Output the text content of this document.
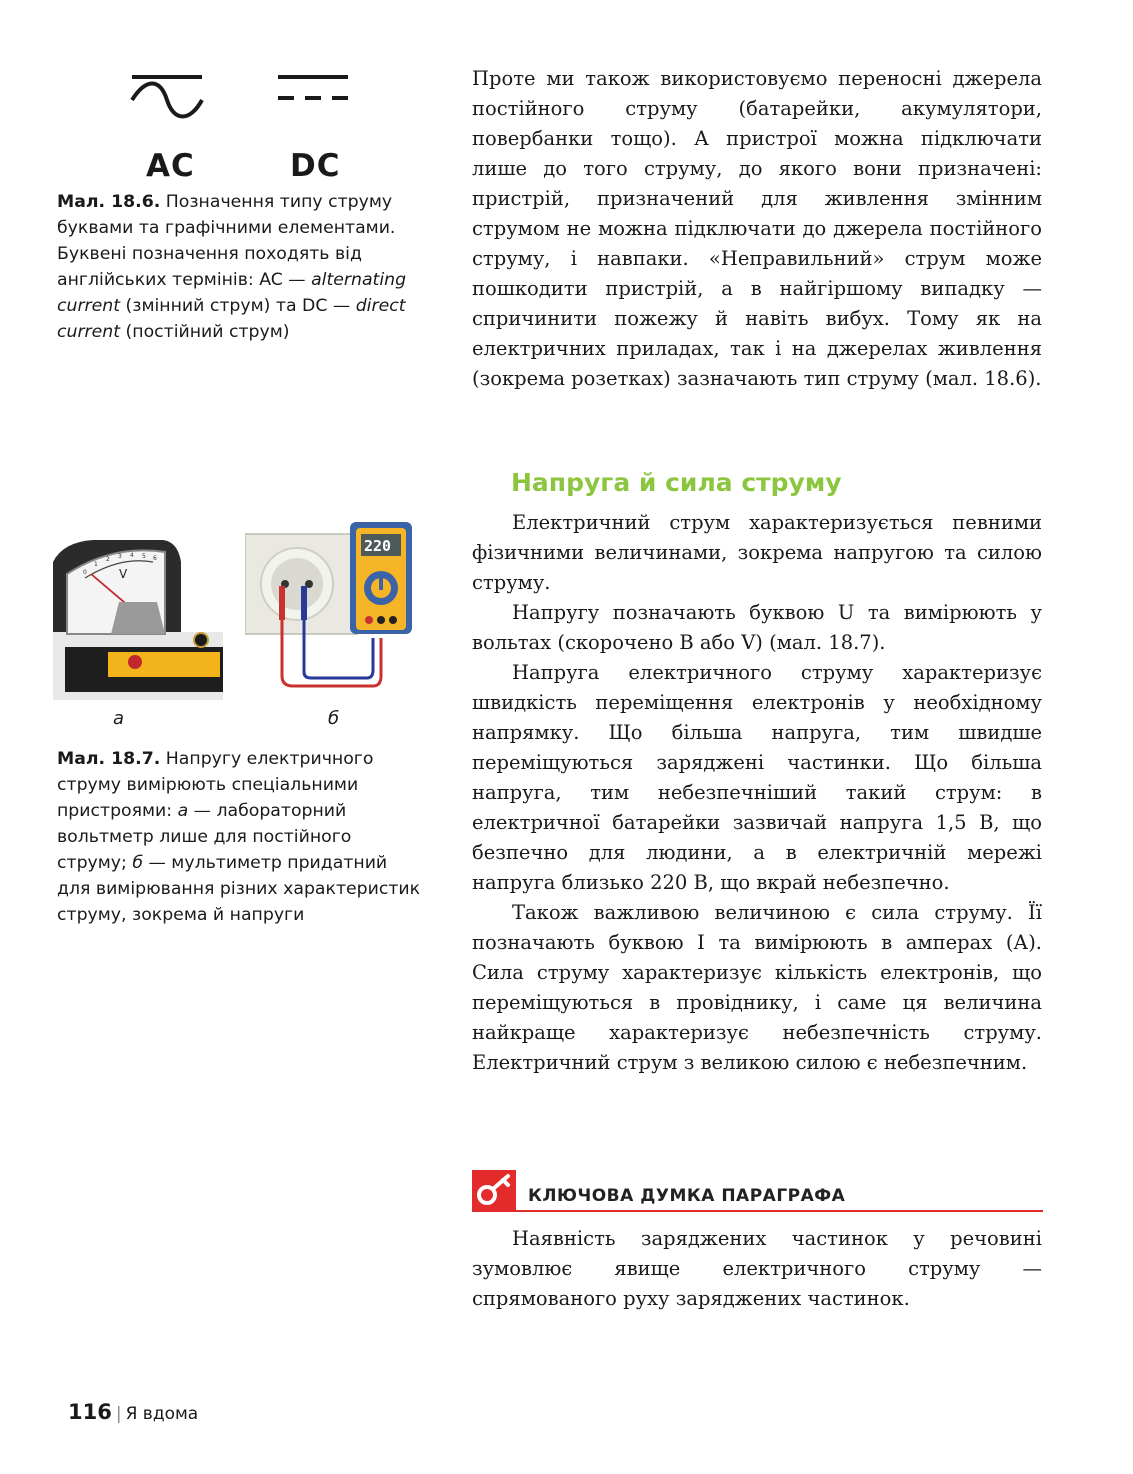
AC	DC
Мал. 18.6. Позначення типу струму буквами та графічними елементами. Буквені позначення походять від англійських термінів: AC — alternating current (змінний струм) та DC — direct current (постійний струм)
0
1
2 3 4 5 6
V
220
а	б
Мал. 18.7. Напругу електричного струму вимірюють спеціальними пристроями: а — лабораторний вольтметр лише для постійного струму; б — мультиметр придатний для вимірювання різних характеристик струму, зокрема й напруги

Проте ми також використовуємо переносні джерела постійного струму (батарейки, акумулятори, повербанки тощо). А пристрої можна підключати лише до того струму, до якого вони призначені: пристрій, призначений для живлення змінним струмом не можна підключати до джерела постійного струму, і навпаки. «Неправильний» струм може пошкодити пристрій, а в найгіршому випадку — спричинити пожежу й навіть вибух. Тому як на електричних приладах, так і на джерелах живлення (зокрема розетках) зазначають тип струму (мал. 18.6).

Напруга й сила струму

Електричний струм характеризується певними фізичними величинами, зокрема напругою та силою струму.

Напругу позначають буквою U та вимірюють у вольтах (скорочено В або V) (мал. 18.7).

Напруга електричного струму характеризує швидкість переміщення електронів у необхідному напрямку. Що більша напруга, тим швидше переміщуються заряджені частинки. Що більша напруга, тим небезпечніший такий струм: в електричної батарейки зазвичай напруга 1,5 В, що безпечно для людини, а в електричній мережі напруга близько 220 В, що вкрай небезпечно.

Також важливою величиною є сила струму. Її позначають буквою I та вимірюють в амперах (А). Сила струму характеризує кількість електронів, що переміщуються в провіднику, і саме ця величина найкраще характеризує небезпечність струму. Електричний струм з великою силою є небезпечним.

КЛЮЧОВА ДУМКА ПАРАГРАФА

Наявність заряджених частинок у речовині зумовлює явище електричного струму — спрямованого руху заряджених частинок.

116 | Я вдома
